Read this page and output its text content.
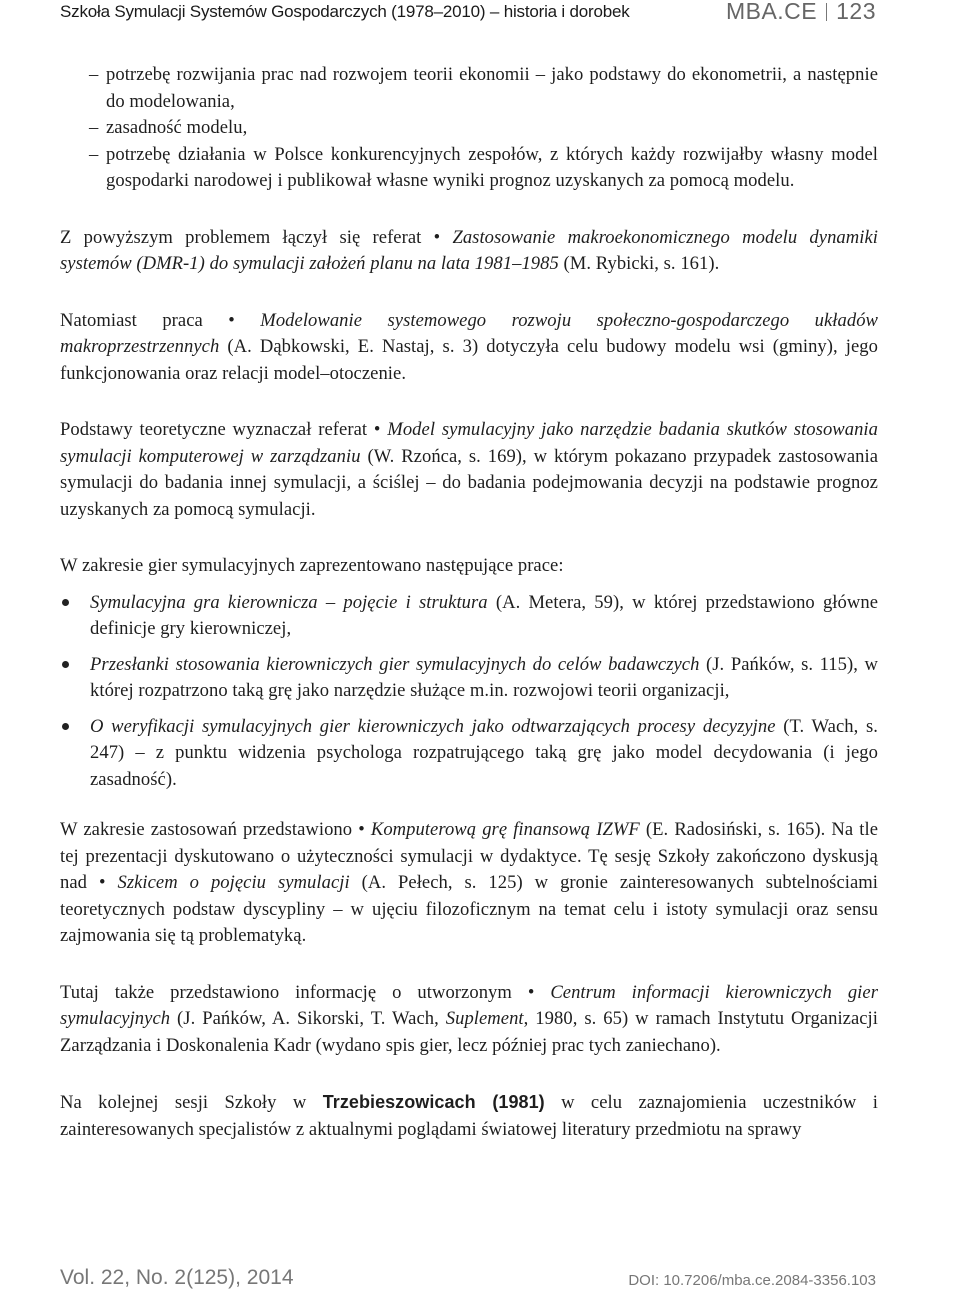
Szkoła Symulacji Systemów Gospodarczych (1978–2010) – historia i dorobek	MBA.CE 123
– potrzebę rozwijania prac nad rozwojem teorii ekonomii – jako podstawy do ekonometrii, a następnie do modelowania,
– zasadność modelu,
– potrzebę działania w Polsce konkurencyjnych zespołów, z których każdy rozwijałby własny model gospodarki narodowej i publikował własne wyniki prognoz uzyskanych za pomocą modelu.

Z powyższym problemem łączył się referat • Zastosowanie makroekonomicznego modelu dynamiki systemów (DMR-1) do symulacji założeń planu na lata 1981–1985 (M. Rybicki, s. 161).

Natomiast praca • Modelowanie systemowego rozwoju społeczno-gospodarczego układów makroprzestrzennych (A. Dąbkowski, E. Nastaj, s. 3) dotyczyła celu budowy modelu wsi (gminy), jego funkcjonowania oraz relacji model–otoczenie.

Podstawy teoretyczne wyznaczał referat • Model symulacyjny jako narzędzie badania skutków stosowania symulacji komputerowej w zarządzaniu (W. Rzońca, s. 169), w którym pokazano przypadek zastosowania symulacji do badania innej symulacji, a ściślej – do badania podejmowania decyzji na podstawie prognoz uzyskanych za pomocą symulacji.

W zakresie gier symulacyjnych zaprezentowano następujące prace:

Symulacyjna gra kierownicza – pojęcie i struktura (A. Metera, 59), w której przedstawiono główne definicje gry kierowniczej,
Przesłanki stosowania kierowniczych gier symulacyjnych do celów badawczych (J. Pańków, s. 115), w której rozpatrzono taką grę jako narzędzie służące m.in. rozwojowi teorii organizacji,
O weryfikacji symulacyjnych gier kierowniczych jako odtwarzających procesy decyzyjne (T. Wach, s. 247) – z punktu widzenia psychologa rozpatrującego taką grę jako model decydowania (i jego zasadność).

W zakresie zastosowań przedstawiono • Komputerową grę finansową IZWF (E. Radosiński, s. 165). Na tle tej prezentacji dyskutowano o użyteczności symulacji w dydaktyce. Tę sesję Szkoły zakończono dyskusją nad • Szkicem o pojęciu symulacji (A. Pełech, s. 125) w gronie zainteresowanych subtelnościami teoretycznych podstaw dyscypliny – w ujęciu filozoficznym na temat celu i istoty symulacji oraz sensu zajmowania się tą problematyką.

Tutaj także przedstawiono informację o utworzonym • Centrum informacji kierowniczych gier symulacyjnych (J. Pańków, A. Sikorski, T. Wach, Suplement, 1980, s. 65) w ramach Instytutu Organizacji Zarządzania i Doskonalenia Kadr (wydano spis gier, lecz później prac tych zaniechano).

Na kolejnej sesji Szkoły w Trzebieszowicach (1981) w celu zaznajomienia uczestników i zainteresowanych specjalistów z aktualnymi poglądami światowej literatury przedmiotu na sprawy

Vol. 22, No. 2(125), 2014	DOI: 10.7206/mba.ce.2084-3356.103
